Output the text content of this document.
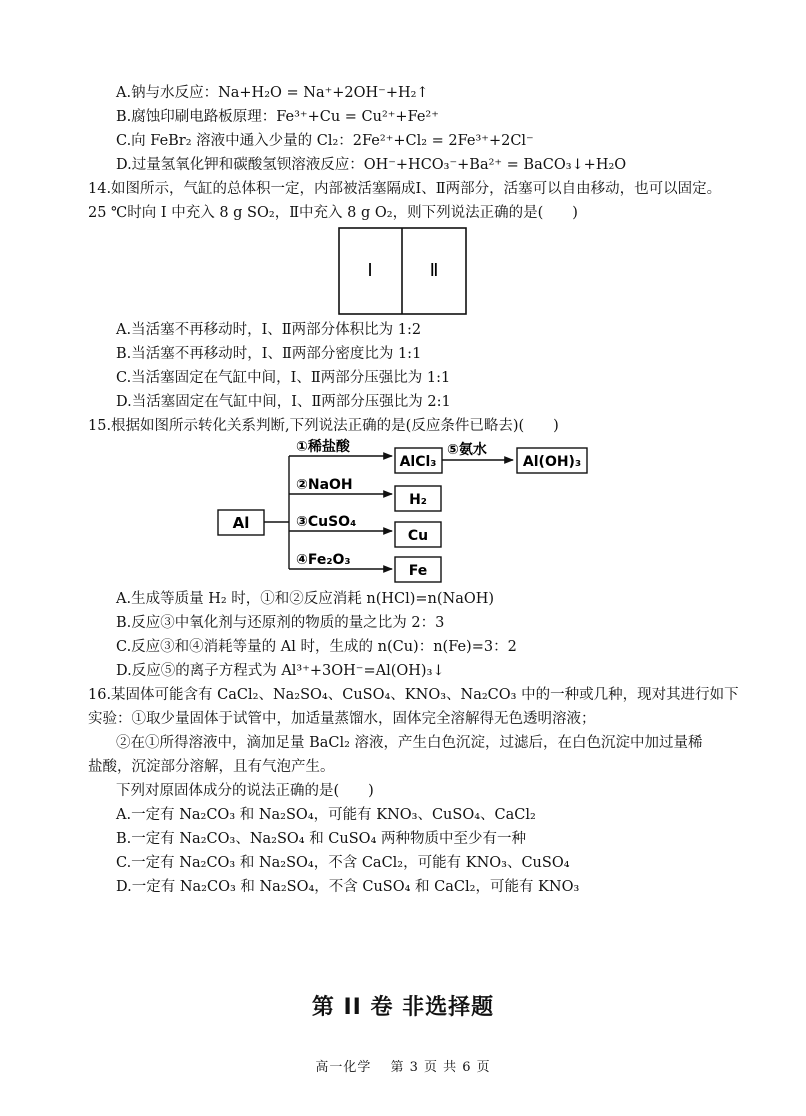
A.钠与水反应：Na+H₂O = Na⁺+2OH⁻+H₂↑
B.腐蚀印刷电路板原理：Fe³⁺+Cu = Cu²⁺+Fe²⁺
C.向 FeBr₂ 溶液中通入少量的 Cl₂：2Fe²⁺+Cl₂ = 2Fe³⁺+2Cl⁻
D.过量氢氧化钾和碳酸氢钡溶液反应：OH⁻+HCO₃⁻+Ba²⁺ = BaCO₃↓+H₂O
14.如图所示，气缸的总体积一定，内部被活塞隔成Ⅰ、Ⅱ两部分，活塞可以自由移动，也可以固定。
25 ℃时向 Ⅰ 中充入 8 g SO₂，Ⅱ中充入 8 g O₂，则下列说法正确的是(　　)
Ⅰ	Ⅱ
A.当活塞不再移动时，Ⅰ、Ⅱ两部分体积比为 1:2
B.当活塞不再移动时，Ⅰ、Ⅱ两部分密度比为 1:1
C.当活塞固定在气缸中间，Ⅰ、Ⅱ两部分压强比为 1:1
D.当活塞固定在气缸中间，Ⅰ、Ⅱ两部分压强比为 2:1
15.根据如图所示转化关系判断,下列说法正确的是(反应条件已略去)(　　)
Al
①稀盐酸
AlCl₃
⑤氨水
Al(OH)₃
②NaOH
H₂
③CuSO₄
Cu
④Fe₂O₃
Fe
A.生成等质量 H₂ 时，①和②反应消耗 n(HCl)=n(NaOH)
B.反应③中氧化剂与还原剂的物质的量之比为 2：3
C.反应③和④消耗等量的 Al 时，生成的 n(Cu)：n(Fe)=3：2
D.反应⑤的离子方程式为 Al³⁺+3OH⁻=Al(OH)₃↓
16.某固体可能含有 CaCl₂、Na₂SO₄、CuSO₄、KNO₃、Na₂CO₃ 中的一种或几种，现对其进行如下
实验：①取少量固体于试管中，加适量蒸馏水，固体完全溶解得无色透明溶液；
②在①所得溶液中，滴加足量 BaCl₂ 溶液，产生白色沉淀，过滤后，在白色沉淀中加过量稀
盐酸，沉淀部分溶解，且有气泡产生。
下列对原固体成分的说法正确的是(　　)
A.一定有 Na₂CO₃ 和 Na₂SO₄，可能有 KNO₃、CuSO₄、CaCl₂
B.一定有 Na₂CO₃、Na₂SO₄ 和 CuSO₄ 两种物质中至少有一种
C.一定有 Na₂CO₃ 和 Na₂SO₄，不含 CaCl₂，可能有 KNO₃、CuSO₄
D.一定有 Na₂CO₃ 和 Na₂SO₄，不含 CuSO₄ 和 CaCl₂，可能有 KNO₃
第 II 卷 非选择题
高一化学　 第 3 页 共 6 页
